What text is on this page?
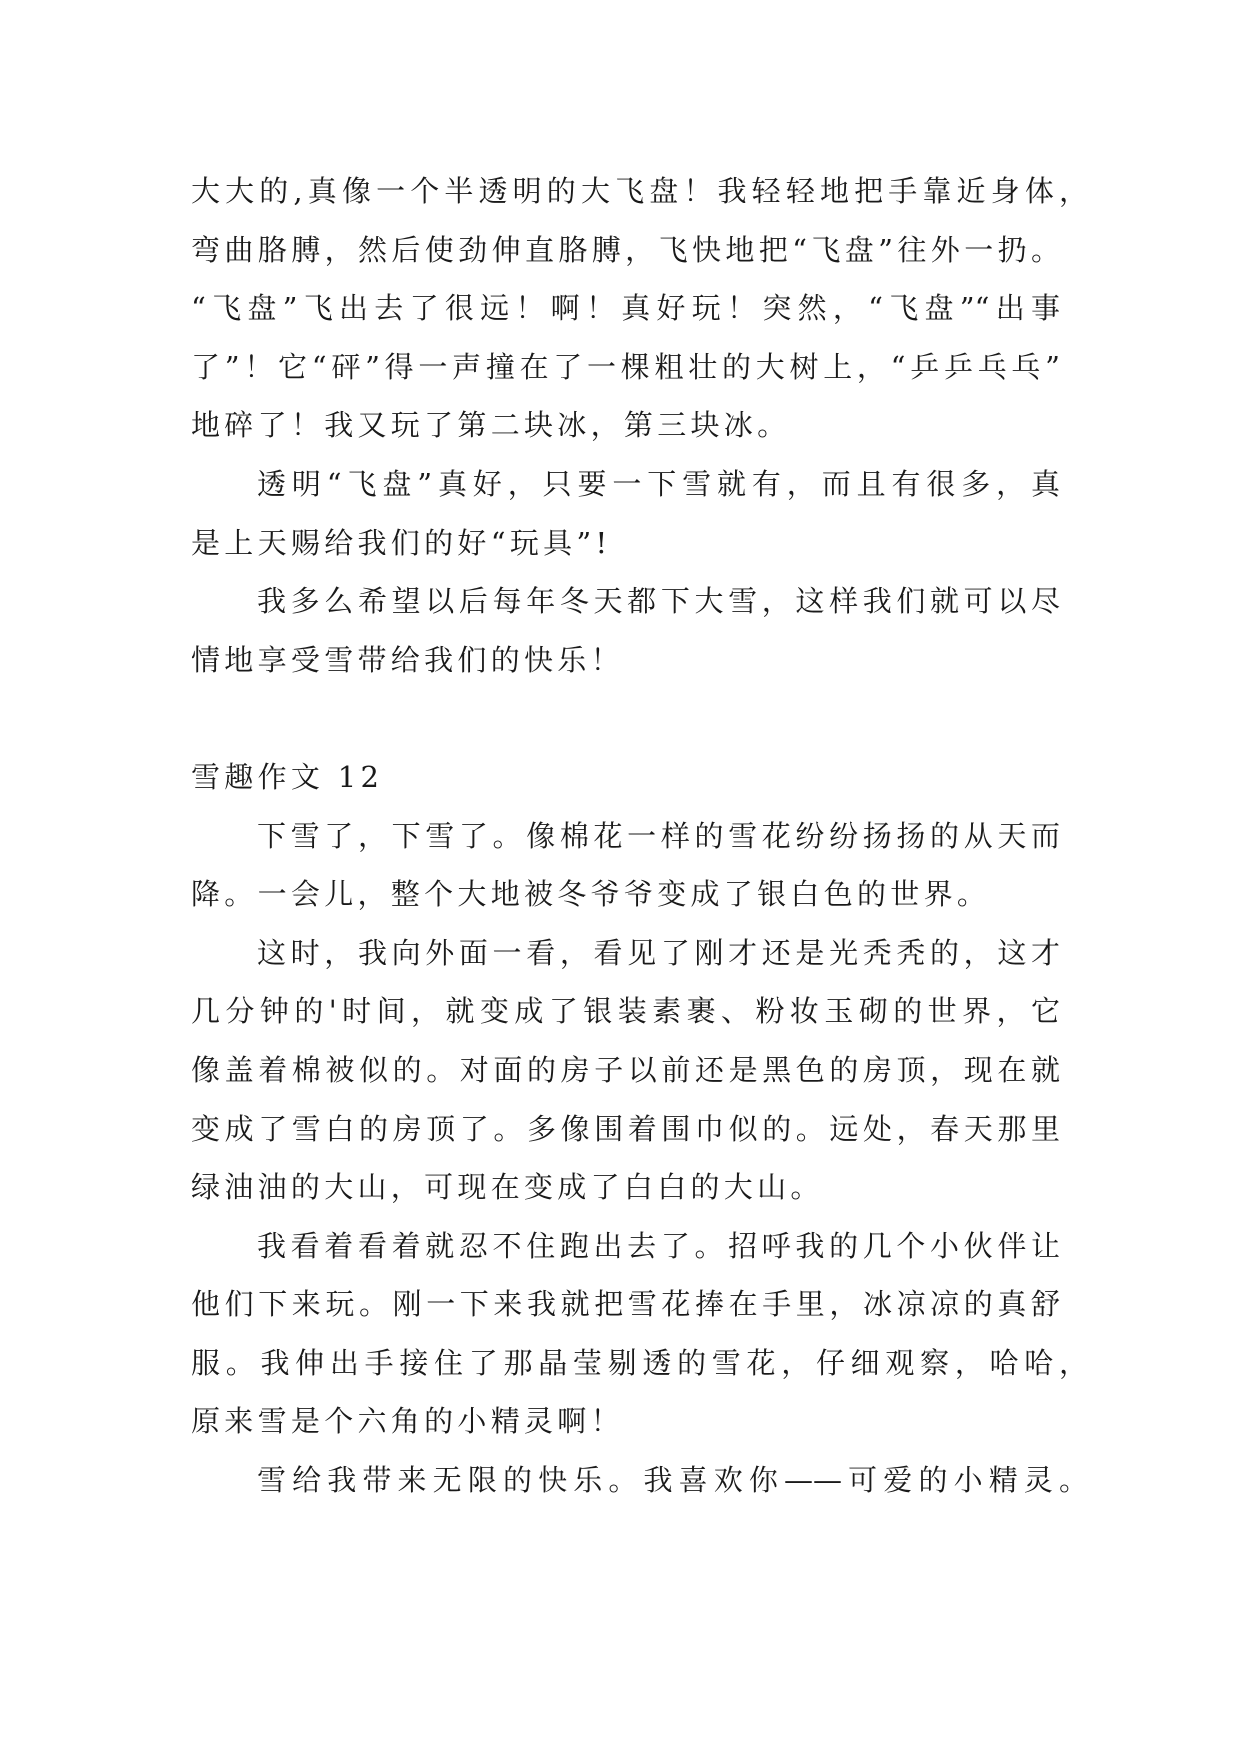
大大的,真像一个半透明的大飞盘！我轻轻地把手靠近身体，
弯曲胳膊，然后使劲伸直胳膊，飞快地把“飞盘”往外一扔。
“飞盘”飞出去了很远！啊！真好玩！突然，“飞盘”“出事
了”！它“砰”得一声撞在了一棵粗壮的大树上，“乒乒乓乓”
地碎了！我又玩了第二块冰，第三块冰。
透明“飞盘”真好，只要一下雪就有，而且有很多，真
是上天赐给我们的好“玩具”!
我多么希望以后每年冬天都下大雪，这样我们就可以尽
情地享受雪带给我们的快乐！
雪趣作文 12
下雪了，下雪了。像棉花一样的雪花纷纷扬扬的从天而
降。一会儿，整个大地被冬爷爷变成了银白色的世界。
这时，我向外面一看，看见了刚才还是光秃秃的，这才
几分钟的'时间，就变成了银装素裹、粉妆玉砌的世界，它
像盖着棉被似的。对面的房子以前还是黑色的房顶，现在就
变成了雪白的房顶了。多像围着围巾似的。远处，春天那里
绿油油的大山，可现在变成了白白的大山。
我看着看着就忍不住跑出去了。招呼我的几个小伙伴让
他们下来玩。刚一下来我就把雪花捧在手里，冰凉凉的真舒
服。我伸出手接住了那晶莹剔透的雪花，仔细观察，哈哈，
原来雪是个六角的小精灵啊！
雪给我带来无限的快乐。我喜欢你——可爱的小精灵。
